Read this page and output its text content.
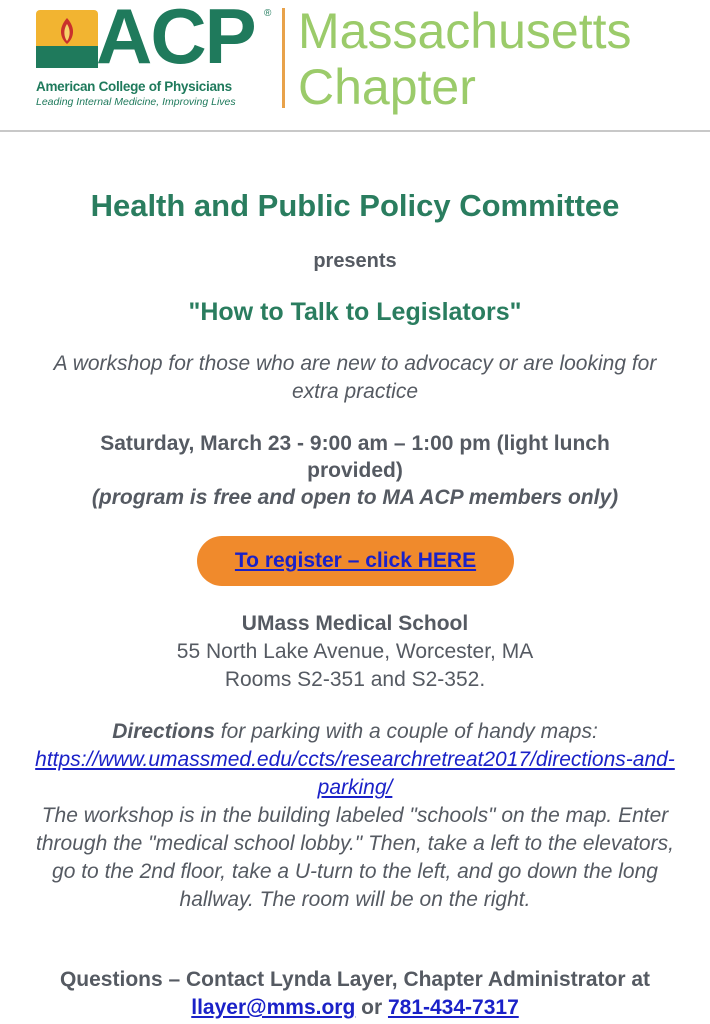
ACP ®
American College of Physicians
Leading Internal Medicine, Improving Lives
Massachusetts
Chapter
Health and Public Policy Committee
presents
"How to Talk to Legislators"
A workshop for those who are new to advocacy or are looking for extra practice
Saturday, March 23 - 9:00 am – 1:00 pm (light lunch provided)
(program is free and open to MA ACP members only)
To register – click HERE
UMass Medical School
55 North Lake Avenue, Worcester, MA
Rooms S2-351 and S2-352.
Directions for parking with a couple of handy maps:
https://www.umassmed.edu/ccts/researchretreat2017/directions-and-parking/
The workshop is in the building labeled "schools" on the map. Enter through the "medical school lobby." Then, take a left to the elevators, go to the 2nd floor, take a U-turn to the left, and go down the long hallway. The room will be on the right.
Questions – Contact Lynda Layer, Chapter Administrator at
llayer@mms.org or 781-434-7317
